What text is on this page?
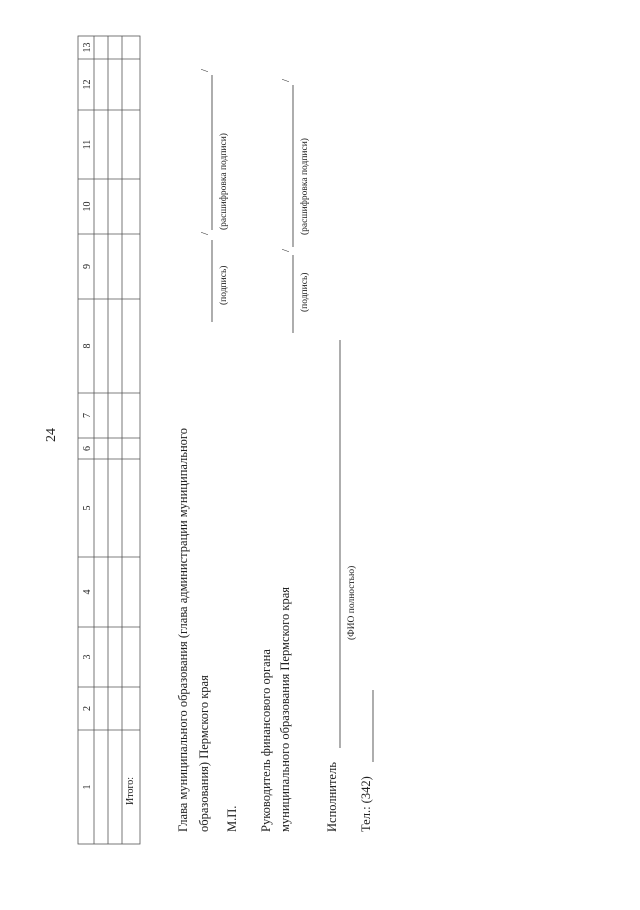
24
1
2
3
4
5
6
7
8
9
10
11
12
13
Итого:	Глава муниципального образования (глава администрации муниципального образования) Пермского края
/
/
(подпись)
(расшифровка подписи)
М.П. Руководитель финансового органа муниципального образования Пермского края
/
/
(подпись)
(расшифровка подписи)
Исполнитель
(ФИО полностью)
Тел.: (342)
